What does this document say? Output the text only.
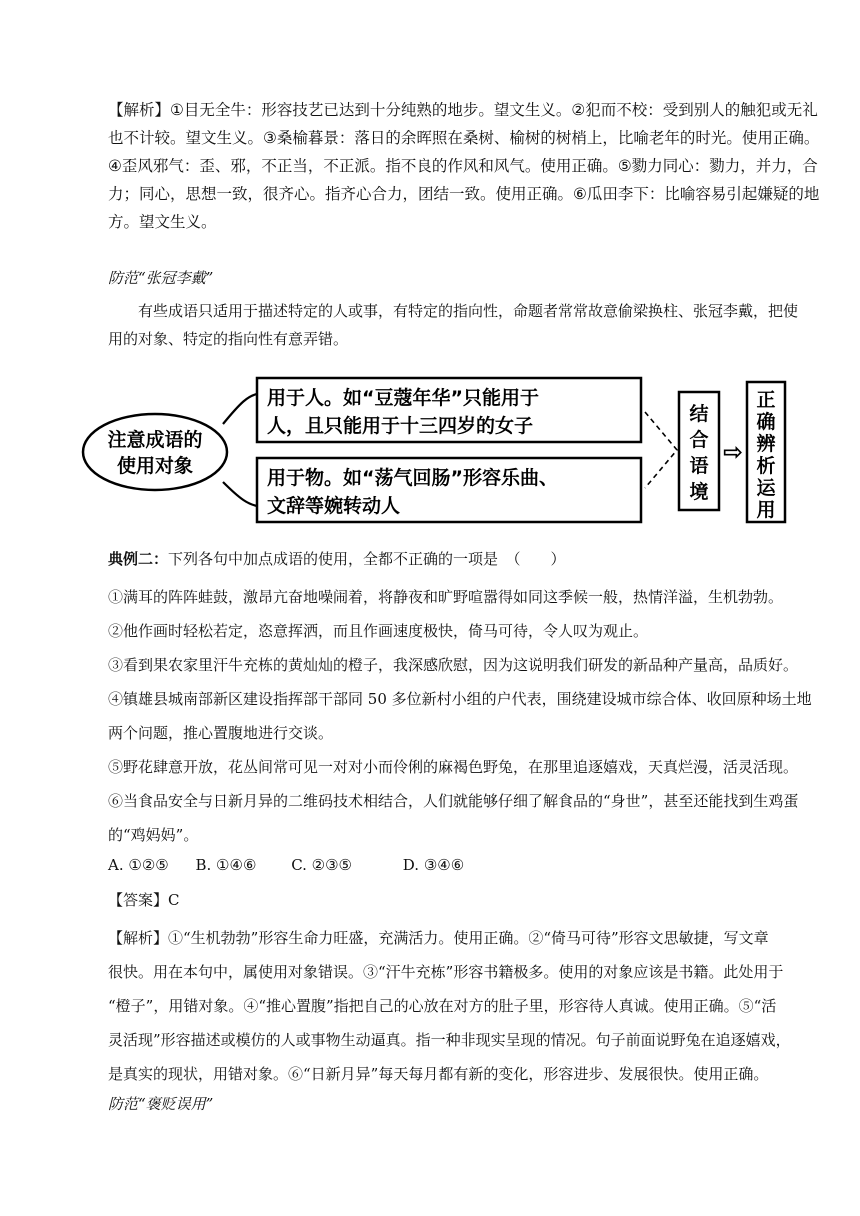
【解析】①目无全牛：形容技艺已达到十分纯熟的地步。望文生义。②犯而不校：受到别人的触犯或无礼
也不计较。望文生义。③桑榆暮景：落日的余晖照在桑树、榆树的树梢上，比喻老年的时光。使用正确。
④歪风邪气：歪、邪，不正当，不正派。指不良的作风和风气。使用正确。⑤勠力同心：勠力，并力，合
力；同心，思想一致，很齐心。指齐心合力，团结一致。使用正确。⑥瓜田李下：比喻容易引起嫌疑的地
方。望文生义。

防范“张冠李戴”

有些成语只适用于描述特定的人或事，有特定的指向性，命题者常常故意偷梁换柱、张冠李戴，把使
用的对象、特定的指向性有意弄错。
注意成语的
使用对象
用于人。如“豆蔻年华”只能用于
人，且只能用于十三四岁的女子
用于物。如“荡气回肠”形容乐曲、
文辞等婉转动人
结
合
语
境
⇨
正
确
辨
析
运
用

典例二：下列各句中加点成语的使用，全都不正确的一项是　（　　）

①满耳的阵阵蛙鼓，激昂亢奋地噪闹着，将静夜和旷野喧嚣得如同这季候一般，热情洋溢，生机勃勃。
②他作画时轻松若定，恣意挥洒，而且作画速度极快，倚马可待，令人叹为观止。
③看到果农家里汗牛充栋的黄灿灿的橙子，我深感欣慰，因为这说明我们研发的新品种产量高，品质好。
④镇雄县城南部新区建设指挥部干部同 50 多位新村小组的户代表，围绕建设城市综合体、收回原种场土地
两个问题，推心置腹地进行交谈。
⑤野花肆意开放，花丛间常可见一对对小而伶俐的麻褐色野兔，在那里追逐嬉戏，天真烂漫，活灵活现。
⑥当食品安全与日新月异的二维码技术相结合，人们就能够仔细了解食品的“身世”，甚至还能找到生鸡蛋
的“鸡妈妈”。
A. ①②⑤ B. ①④⑥ C. ②③⑤	D. ③④⑥

【答案】C

【解析】①“生机勃勃”形容生命力旺盛，充满活力。使用正确。②“倚马可待”形容文思敏捷，写文章
很快。用在本句中，属使用对象错误。③“汗牛充栋”形容书籍极多。使用的对象应该是书籍。此处用于
“橙子”，用错对象。④“推心置腹”指把自己的心放在对方的肚子里，形容待人真诚。使用正确。⑤“活
灵活现”形容描述或模仿的人或事物生动逼真。指一种非现实呈现的情况。句子前面说野兔在追逐嬉戏，
是真实的现状，用错对象。⑥“日新月异”每天每月都有新的变化，形容进步、发展很快。使用正确。

防范“褒贬误用”
